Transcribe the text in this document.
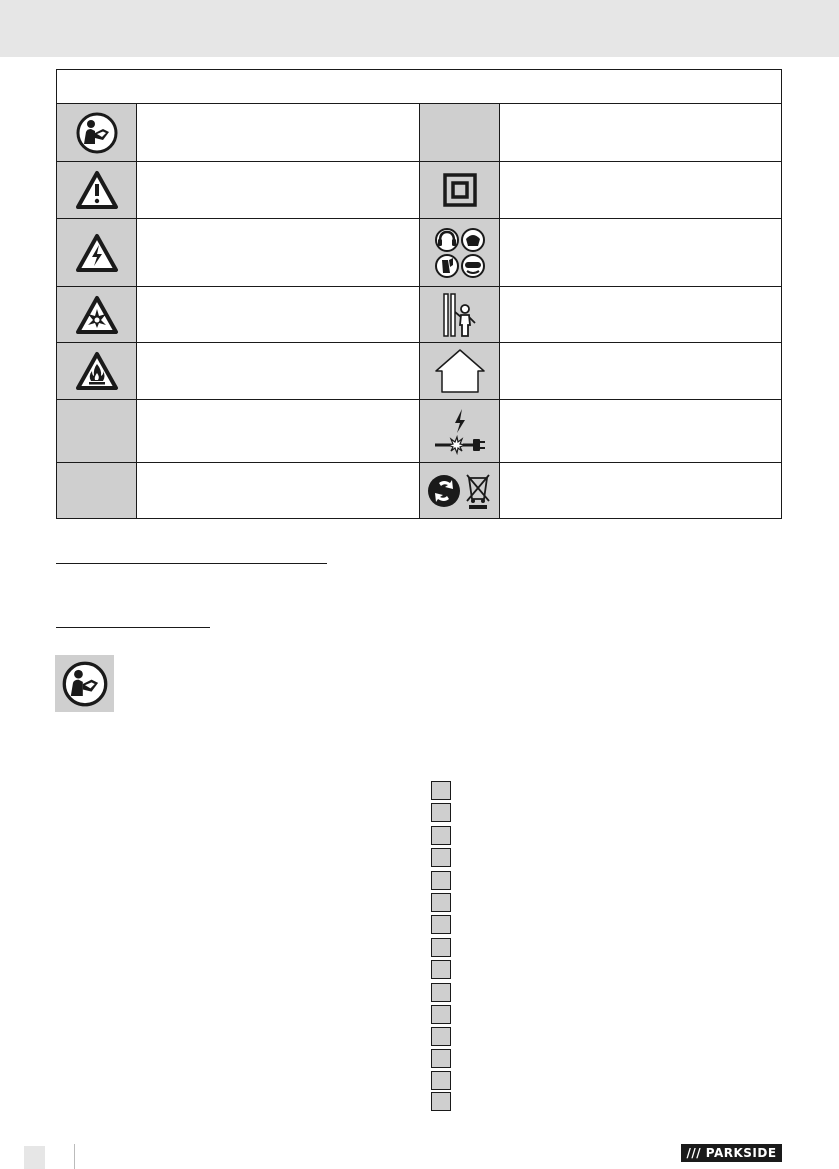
/// PARKSIDE
